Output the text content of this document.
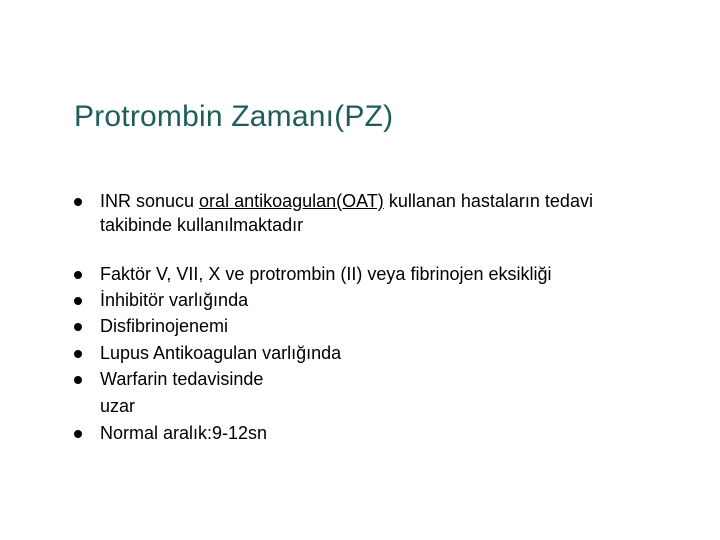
Protrombin Zamanı(PZ)
INR sonucu oral antikoagulan(OAT) kullanan hastaların tedavi
takibinde kullanılmaktadır
Faktör V, VII, X ve protrombin (II) veya fibrinojen eksikliği
İnhibitör varlığında
Disfibrinojenemi
Lupus Antikoagulan varlığında
Warfarin tedavisinde
uzar
Normal aralık:9-12sn
